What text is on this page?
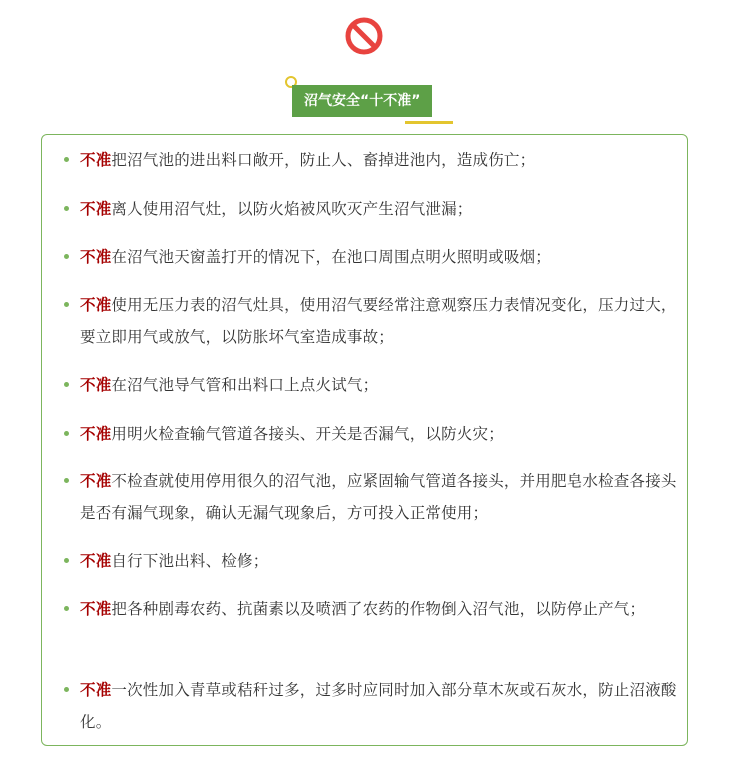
沼气安全“十不准”
不准把沼气池的进出料口敞开，防止人、畜掉进池内，造成伤亡；
不准离人使用沼气灶，以防火焰被风吹灭产生沼气泄漏；
不准在沼气池天窗盖打开的情况下，在池口周围点明火照明或吸烟；
不准使用无压力表的沼气灶具，使用沼气要经常注意观察压力表情况变化，压力过大，要立即用气或放气，以防胀坏气室造成事故；
不准在沼气池导气管和出料口上点火试气；
不准用明火检查输气管道各接头、开关是否漏气，以防火灾；
不准不检查就使用停用很久的沼气池，应紧固输气管道各接头，并用肥皂水检查各接头是否有漏气现象，确认无漏气现象后，方可投入正常使用；
不准自行下池出料、检修；
不准把各种剧毒农药、抗菌素以及喷洒了农药的作物倒入沼气池，以防停止产气；
不准一次性加入青草或秸秆过多，过多时应同时加入部分草木灰或石灰水，防止沼液酸化。
